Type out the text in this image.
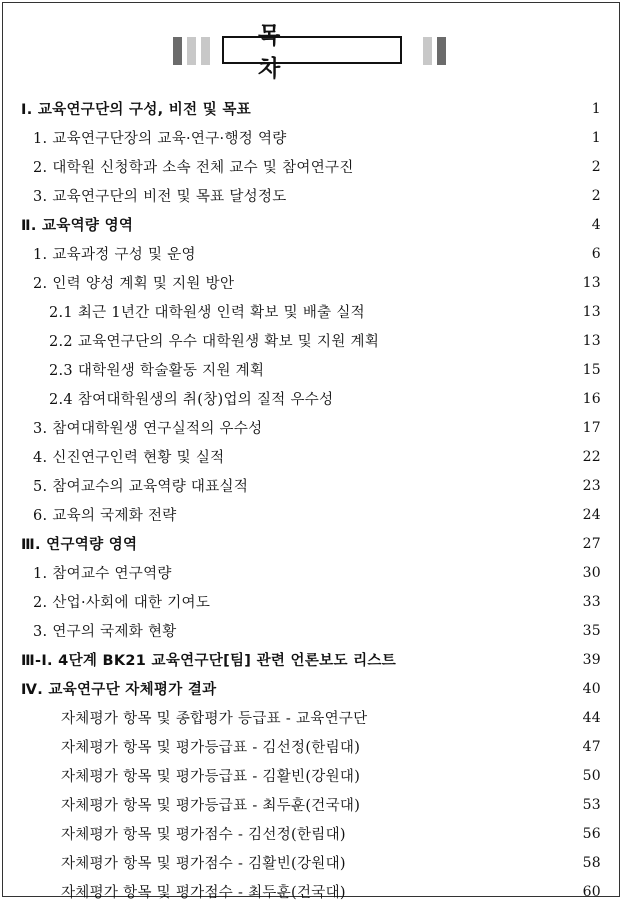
목 차
Ⅰ. 교육연구단의 구성, 비전 및 목표	1
1. 교육연구단장의 교육·연구·행정 역량	1
2. 대학원 신청학과 소속 전체 교수 및 참여연구진	2
3. 교육연구단의 비전 및 목표 달성정도	2
Ⅱ. 교육역량 영역	4
1. 교육과정 구성 및 운영	6
2. 인력 양성 계획 및 지원 방안	13
2.1 최근 1년간 대학원생 인력 확보 및 배출 실적	13
2.2 교육연구단의 우수 대학원생 확보 및 지원 계획	13
2.3 대학원생 학술활동 지원 계획	15
2.4 참여대학원생의 취(창)업의 질적 우수성	16
3. 참여대학원생 연구실적의 우수성	17
4. 신진연구인력 현황 및 실적	22
5. 참여교수의 교육역량 대표실적	23
6. 교육의 국제화 전략	24
Ⅲ. 연구역량 영역	27
1. 참여교수 연구역량	30
2. 산업·사회에 대한 기여도	33
3. 연구의 국제화 현황	35
Ⅲ-Ⅰ. 4단계 BK21 교육연구단[팀] 관련 언론보도 리스트	39
Ⅳ. 교육연구단 자체평가 결과	40
자체평가 항목 및 종합평가 등급표 - 교육연구단	44
자체평가 항목 및 평가등급표 - 김선정(한림대)	47
자체평가 항목 및 평가등급표 - 김활빈(강원대)	50
자체평가 항목 및 평가등급표 - 최두훈(건국대)	53
자체평가 항목 및 평가점수 - 김선정(한림대)	56
자체평가 항목 및 평가점수 - 김활빈(강원대)	58
자체평가 항목 및 평가점수 - 최두훈(건국대)	60
